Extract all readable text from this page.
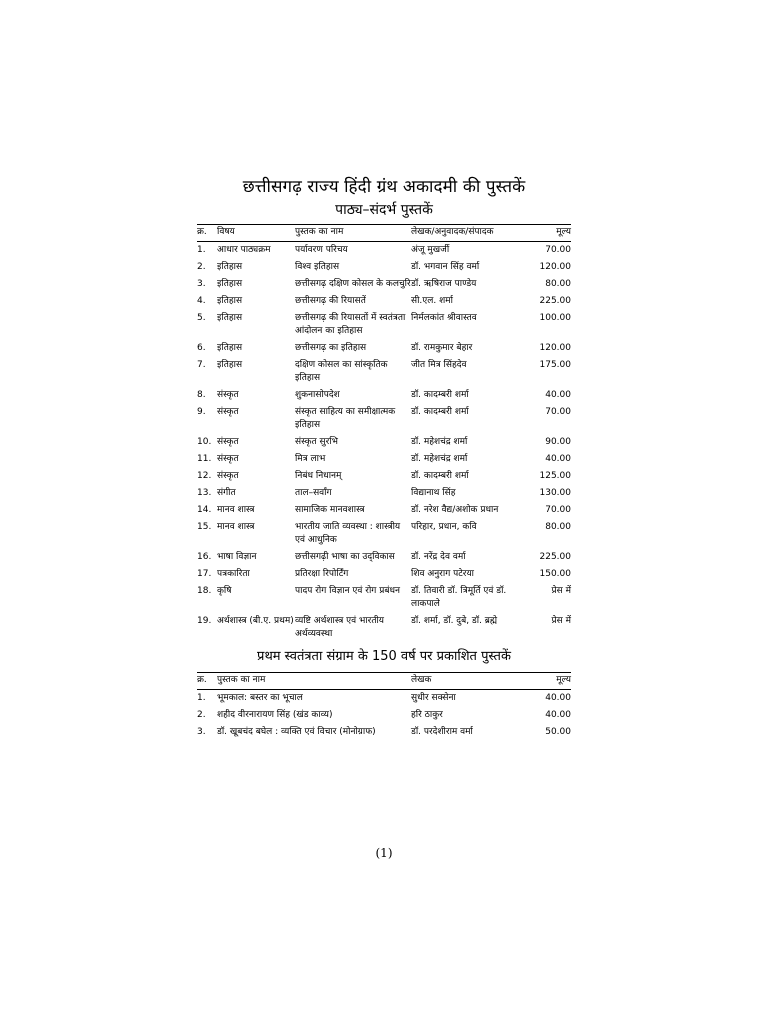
छत्तीसगढ़ राज्य हिंदी ग्रंथ अकादमी की पुस्तकें
पाठ्य–संदर्भ पुस्तकें
क्र.	विषय	पुस्तक का नाम	लेखक/अनुवादक/संपादक	मूल्य
1.	आधार पाठ्यक्रम	पर्यावरण परिचय	अंजू मुखर्जी	70.00
2.	इतिहास	विश्व इतिहास	डॉ. भगवान सिंह वर्मा	120.00
3.	इतिहास	छत्तीसगढ़ दक्षिण कोसल के कलचुरि	डॉ. ऋषिराज पाण्डेय	80.00
4.	इतिहास	छत्तीसगढ़ की रियासतें	सी.एल. शर्मा	225.00
5.	इतिहास	छत्तीसगढ़ की रियासतों में स्वतंत्रता आंदोलन का इतिहास	निर्मलकांत श्रीवास्तव	100.00
6.	इतिहास	छत्तीसगढ़ का इतिहास	डॉ. रामकुमार बेहार	120.00
7.	इतिहास	दक्षिण कोसल का सांस्कृतिक इतिहास	जीत मित्र सिंहदेव	175.00
8.	संस्कृत	शुकनासोपदेश	डॉ. कादम्बरी शर्मा	40.00
9.	संस्कृत	संस्कृत साहित्य का समीक्षात्मक इतिहास	डॉ. कादम्बरी शर्मा	70.00
10.	संस्कृत	संस्कृत सुरभि	डॉ. महेशचंद्र शर्मा	90.00
11.	संस्कृत	मित्र लाभ	डॉ. महेशचंद्र शर्मा	40.00
12.	संस्कृत	निबंध निधानम्	डॉ. कादम्बरी शर्मा	125.00
13.	संगीत	ताल–सर्वांग	विद्यानाथ सिंह	130.00
14.	मानव शास्त्र	सामाजिक मानवशास्त्र	डॉ. नरेश वैद्य/अशोक प्रधान	70.00
15.	मानव शास्त्र	भारतीय जाति व्यवस्था : शास्त्रीय एवं आधुनिक	परिहार, प्रधान, कवि	80.00
16.	भाषा विज्ञान	छत्तीसगढ़ी भाषा का उद्‌विकास	डॉ. नरेंद्र देव वर्मा	225.00
17.	पत्रकारिता	प्रतिरक्षा रिपोर्टिंग	शिव अनुराग पटेरया	150.00
18.	कृषि	पादप रोग विज्ञान एवं रोग प्रबंधन	डॉ. तिवारी डॉ. त्रिमूर्ति एवं डॉ. लाकपाले	प्रेस में
19.	अर्थशास्त्र (बी.ए. प्रथम)	व्यष्टि अर्थशास्त्र एवं भारतीय अर्थव्यवस्था	डॉ. शर्मा, डॉ. दुबे, डॉ. ब्रह्मे	प्रेस में
प्रथम स्वतंत्रता संग्राम के 150 वर्ष पर प्रकाशित पुस्तकें
क्र.	पुस्तक का नाम	लेखक	मूल्य
1.	भूमकाल: बस्तर का भूचाल	सुधीर सक्सेना	40.00
2.	शहीद वीरनारायण सिंह (खंड काव्य)	हरि ठाकुर	40.00
3.	डॉ. खूबचंद बघेल : व्यक्ति एवं विचार (मोनोग्राफ)	डॉ. परदेशीराम वर्मा	50.00
(1)
